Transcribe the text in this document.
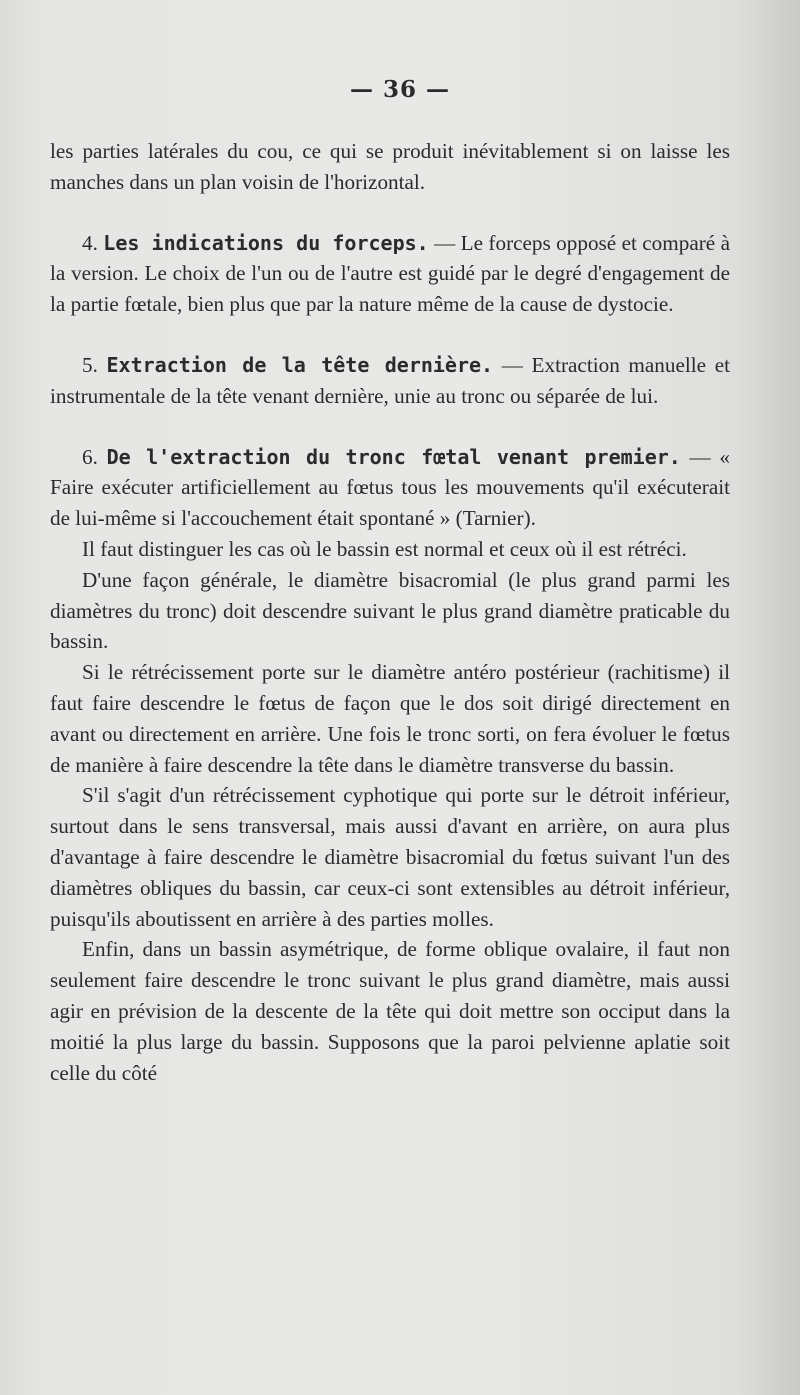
— 36 —

les parties latérales du cou, ce qui se produit inévitablement si on laisse les manches dans un plan voisin de l'horizontal.

4. Les indications du forceps. — Le forceps opposé et comparé à la version. Le choix de l'un ou de l'autre est guidé par le degré d'engagement de la partie fœtale, bien plus que par la nature même de la cause de dystocie.

5. Extraction de la tête dernière. — Extraction manuelle et instrumentale de la tête venant dernière, unie au tronc ou séparée de lui.

6. De l'extraction du tronc fœtal venant premier. — « Faire exécuter artificiellement au fœtus tous les mouvements qu'il exécuterait de lui-même si l'accouchement était spontané » (Tarnier).

Il faut distinguer les cas où le bassin est normal et ceux où il est rétréci.

D'une façon générale, le diamètre bisacromial (le plus grand parmi les diamètres du tronc) doit descendre suivant le plus grand diamètre praticable du bassin.

Si le rétrécissement porte sur le diamètre antéro postérieur (rachitisme) il faut faire descendre le fœtus de façon que le dos soit dirigé directement en avant ou directement en arrière. Une fois le tronc sorti, on fera évoluer le fœtus de manière à faire descendre la tête dans le diamètre transverse du bassin.

S'il s'agit d'un rétrécissement cyphotique qui porte sur le détroit inférieur, surtout dans le sens transversal, mais aussi d'avant en arrière, on aura plus d'avantage à faire descendre le diamètre bisacromial du fœtus suivant l'un des diamètres obliques du bassin, car ceux-ci sont extensibles au détroit inférieur, puisqu'ils aboutissent en arrière à des parties molles.

Enfin, dans un bassin asymétrique, de forme oblique ovalaire, il faut non seulement faire descendre le tronc suivant le plus grand diamètre, mais aussi agir en prévision de la descente de la tête qui doit mettre son occiput dans la moitié la plus large du bassin. Supposons que la paroi pelvienne aplatie soit celle du côté
